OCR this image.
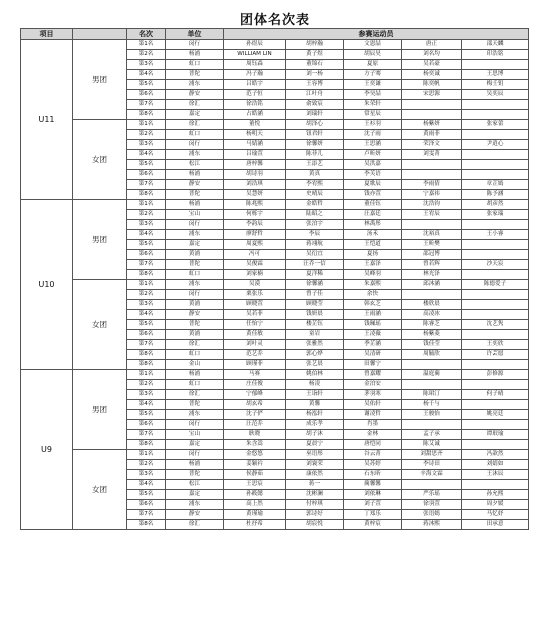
团体名次表
项目		名次	单位	参赛运动员					
U11	男团	第1名	闵行	孙煜辰	胡梓瀚	文恩喆	唐正	邵天麟	
		第2名	杨浦	WILLIAM LIN	黄子煜	胡辰昊	刘名均	印浩铭	
		第3名	虹口	周钰森	董锦石	夏原	吴若豪		
		第4名	普陀	冯子瀚	刘一杨	方子骞	杨奕诚	王思博	
		第5名	浦东	吕皓宇	王容博	王奕谦	陈奕帆	梅壬钥	
		第6名	静安	范子恒	江叶舟	李昊喆	宋思源	吴奕辰	
		第7名	徐汇	徐浩铭	俞致宸	朱荣轩			
		第8名	嘉定	占皓涵	刘瑞轩	常星辰			
	女团	第1名	徐汇	董悦	胡泽心	王衫羽	杨紫妍	张家蕾	
		第2名	虹口	杨明天	钮君轩	沈子雨	黄雨菲		
		第3名	闵行	马婧涵	徐馨妍	王思涵	荣泽文	尹逍心	
		第4名	浦东	吕瑜萱	陈菲儿	卢昕妍	刘雯菁		
		第5名	松江	唐梓馨	王添艺	吴洪嘉			
		第6名	杨浦	胡诗羽	黄真	李芙语			
		第7名	静安	刘浩琪	李宥熙	夏歌辰	李雨倩	章芷嫣	
		第8名	普陀	吴慧妍	史晴辰	钱亦萱	宁嘉祎	陈予涵	
U10	男团	第1名	杨浦	陈兆熙	金皓哲	董佳钰	沈浩钧	胡彦然	
		第2名	宝山	何栎宇	陆昭之	汪嘉廷	王宥辰	张家瑞	
		第3名	闵行	李韵辰	张泊宇	林禹彤			
		第4名	浦东	廖舒哲	李辰	汤禾	沈裕真	王小睿	
		第5名	嘉定	周夏熙	蒋翊航	王恺道	王昕樊		
		第6名	黄浦	冯可	吴衍宜	夏扬	邵冠博		
		第7名	普陀	吴俊霖	汪乔一信	王嘉泽	曾若辉	沙天宸	
		第8名	虹口	刘家楠	夏洋稀	吴峰羽	林光泽		
	女团	第1名	浦东	吴漠	徐馨涵	朱嘉熙	邱沐涵	陈德爱子	
		第2名	闵行	栗张乐	曾子佳	余快			
		第3名	黄浦	顾晓萱	顾晓莹	韩玄芝	楼欣晨		
		第4名	静安	吴若菲	钱妍晨	王雨涵	高凌冰		
		第5名	普陀	任怡宁	楼芷钰	钱珮瑶	陈睿芝	沈艺隽	
		第6名	黄浦	黄佳敏	童岩	王凌薇	杨紫菱		
		第7名	徐汇	刘叶灵	张雅然	季芷涵	钱佳莹	王奕欣	
		第8名	虹口	范艺乔	郭心烨	吴清研	周毓欣	许芸愿	
		第8名	金山	顾瑾菲	张艺晨	田馨宁			
U9	男团	第1名	杨浦	马赛	姚伯林	曾嘉耀	温庭蔺	彭修源	
		第2名	虹口	庄佳俊	杨凌	金泊安			
		第3名	徐汇	宁郁峰	王诣轩	茅羽寒	陈珺汀	何子晴	
		第4名	普陀	胡玄希	黄馨	吴佑轩	杨千与		
		第5名	浦东	沈子俨	杨泓轩	谢凌哲	王骏怡	姚亮廷	
		第6名	闵行	汪范乔	成乐孝	肖墨			
		第7名	宝山	耿晓	胡子沐	金林	孟子承	谭珉瑜	
		第8名	嘉定	朱含嵩	夏晨宁	唐恺同	陈艾诚		
	女团	第1名	闵行	金悠悠	巫语彤	谷云菁	刘甜思齐	冯歆然	
		第2名	杨浦	姜颖衿	刘寰荣	吴苏婷	李诗田	刘婧如	
		第3名	普陀	侯静茹	康依然	石东昕	辛海文霖	王沐辰	
		第4名	松江	王思宸	蒋一	蔺馨馨			
		第5名	嘉定	孙筱懿	沈彬澜	刘依琳	严乐瑶	孙允熙	
		第6名	浦东	高上然	付梓琪	刘子萱	徐羽萱	周夕媛	
		第7名	静安	黄瑾瑜	郭诗好	丁郑乐	张语嫣	马忆妤	
		第8名	徐汇	杜抒希	胡宸悦	黄梓宸	蒋沐熙	田承意	
